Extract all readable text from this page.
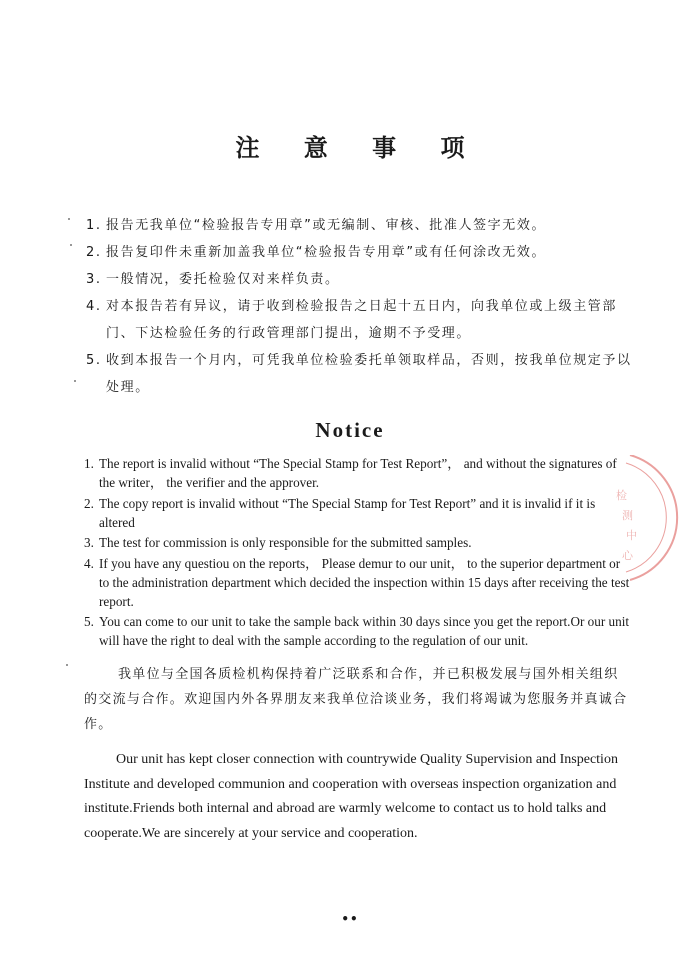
注 意 事 项
1. 报告无我单位“检验报告专用章”或无编制、审核、批准人签字无效。
2. 报告复印件未重新加盖我单位“检验报告专用章”或有任何涂改无效。
3. 一般情况，委托检验仅对来样负责。
4. 对本报告若有异议，请于收到检验报告之日起十五日内，向我单位或上级主管部门、下达检验任务的行政管理部门提出，逾期不予受理。
5. 收到本报告一个月内，可凭我单位检验委托单领取样品，否则，按我单位规定予以处理。
Notice
1. The report is invalid without “The Special Stamp for Test Report”， and without the signatures of the writer， the verifier and the approver.
2. The copy report is invalid without “The Special Stamp for Test Report” and it is invalid if it is altered
3. The test for commission is only responsible for the submitted samples.
4. If you have any questiou on the reports， Please demur to our unit， to the superior department or to the administration department which decided the inspection within 15 days after receiving the test report.
5. You can come to our unit to take the sample back within 30 days since you get the report.Or our unit will have the right to deal with the sample according to the regulation of our unit.

我单位与全国各质检机构保持着广泛联系和合作，并已积极发展与国外相关组织的交流与合作。欢迎国内外各界朋友来我单位洽谈业务，我们将竭诚为您服务并真诚合作。

Our unit has kept closer connection with countrywide Quality Supervision and Inspection Institute and developed communion and cooperation with overseas inspection organization and institute.Friends both internal and abroad are warmly welcome to contact us to hold talks and cooperate.We are sincerely at your service and cooperation.

••
检
测
中
心
